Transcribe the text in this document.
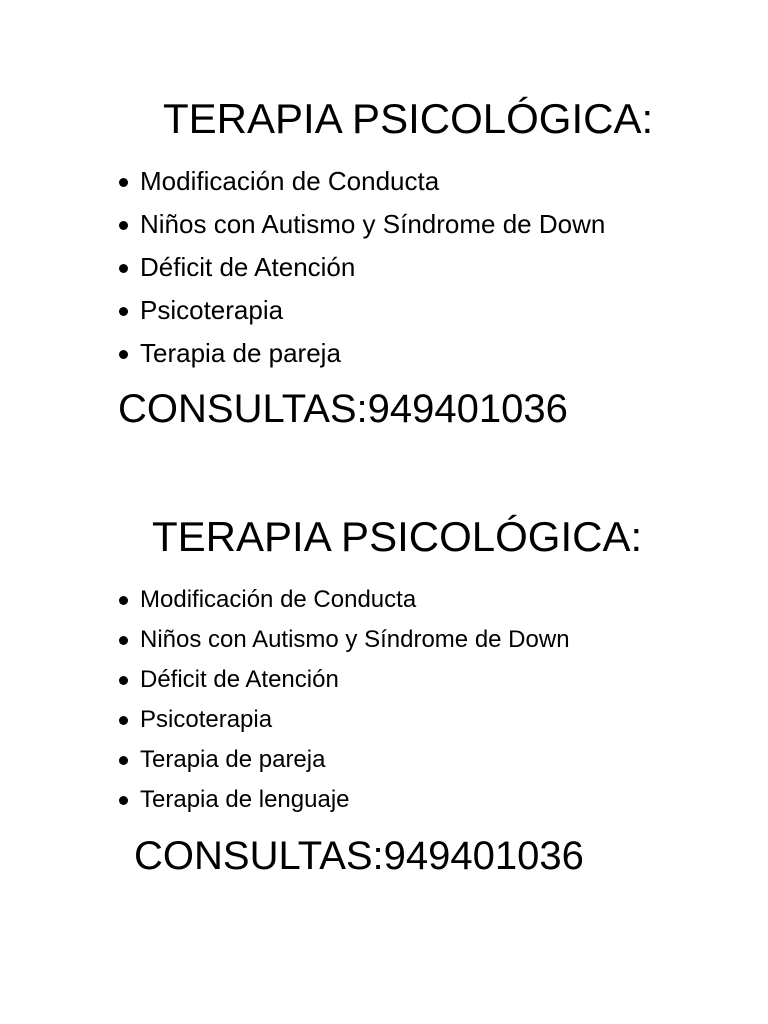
TERAPIA PSICOLÓGICA:
Modificación de Conducta
Niños con Autismo y Síndrome de Down
Déficit de Atención
Psicoterapia
Terapia de pareja

CONSULTAS:949401036

TERAPIA PSICOLÓGICA:
Modificación de Conducta
Niños con Autismo y Síndrome de Down
Déficit de Atención
Psicoterapia
Terapia de pareja
Terapia de lenguaje

CONSULTAS:949401036
